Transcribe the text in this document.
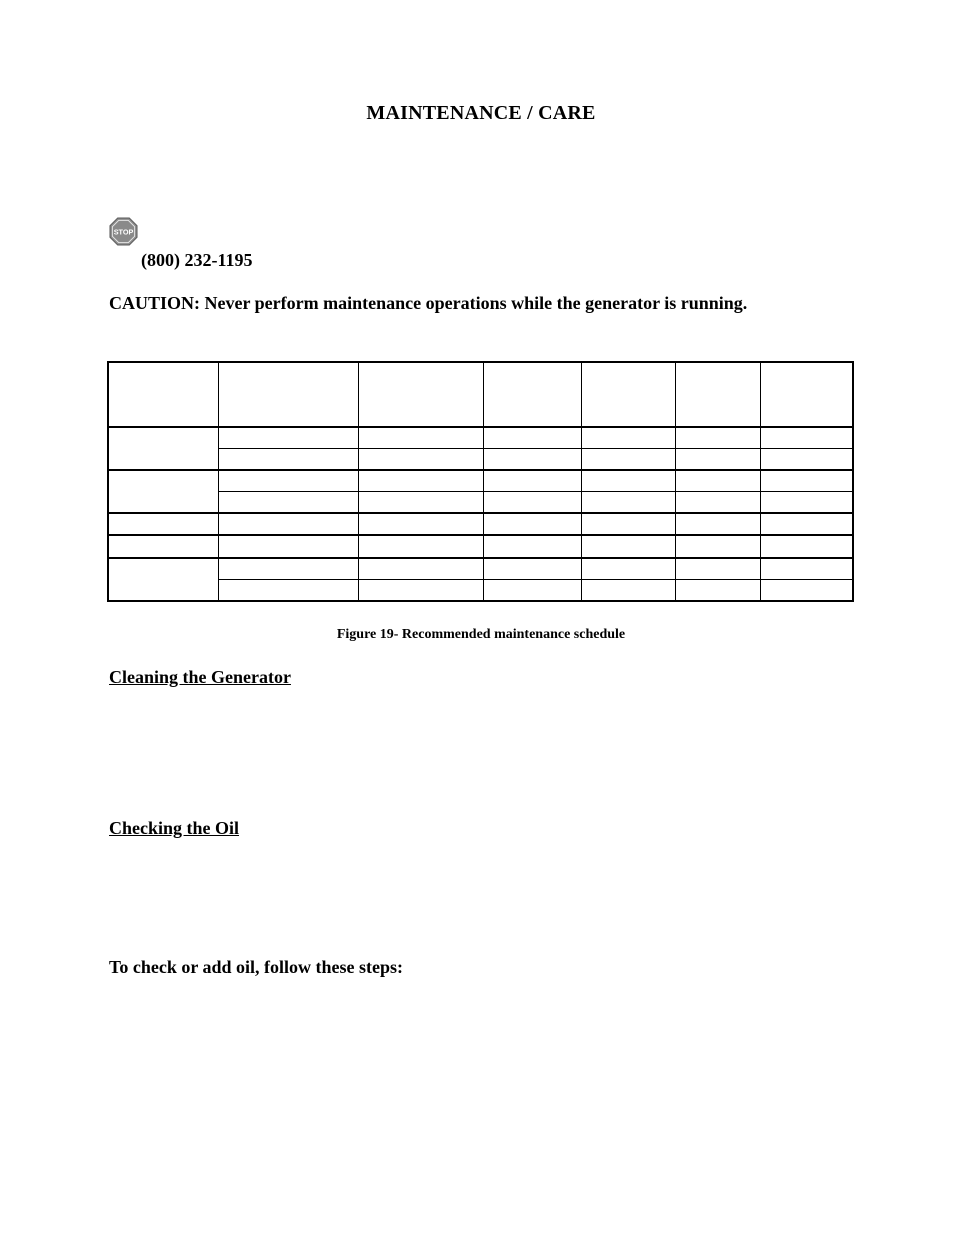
MAINTENANCE / CARE
STOP
(800) 232-1195
CAUTION: Never perform maintenance operations while the generator is running.

Figure 19- Recommended maintenance schedule
Cleaning the Generator
Checking the Oil
To check or add oil, follow these steps:
